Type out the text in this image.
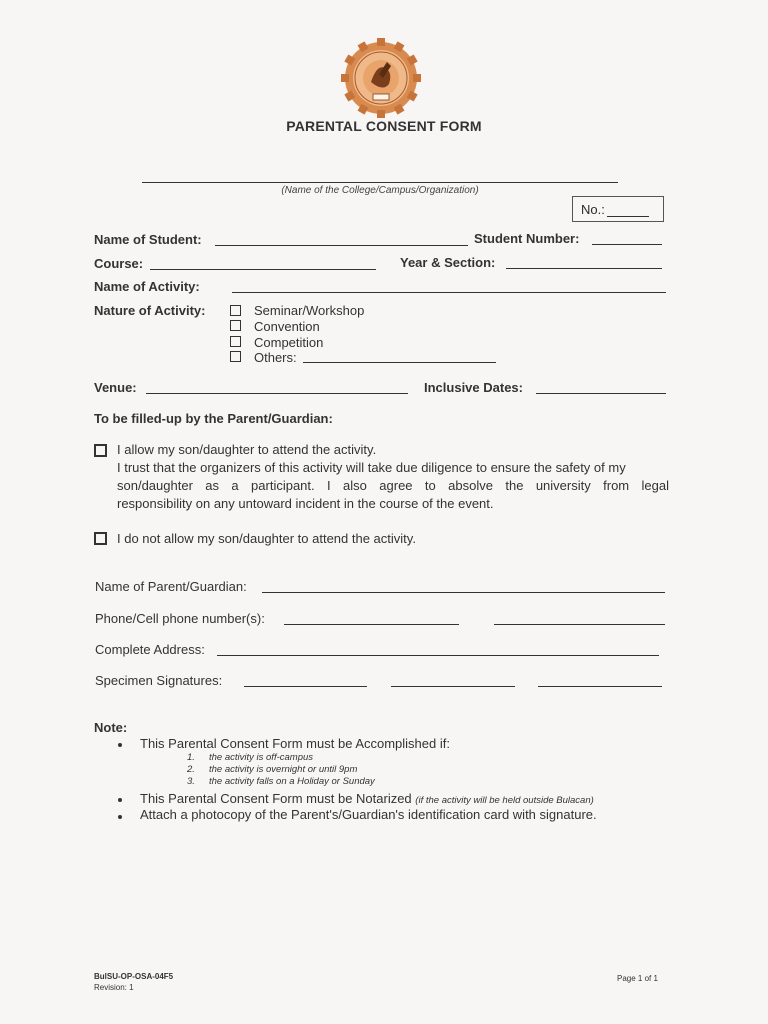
PARENTAL CONSENT FORM
(Name of the College/Campus/Organization)
No.:
Name of Student:	Student Number:
Course:	Year & Section:
Name of Activity:
Nature of Activity:	Seminar/Workshop
Convention
Competition
Others:
Venue:	Inclusive Dates:
To be filled-up by the Parent/Guardian:
I allow my son/daughter to attend the activity.
I trust that the organizers of this activity will take due diligence to ensure the safety of my
son/daughter as a participant. I also agree to absolve the university from legal
responsibility on any untoward incident in the course of the event.
I do not allow my son/daughter to attend the activity.
Name of Parent/Guardian:
Phone/Cell phone number(s):
Complete Address:
Specimen Signatures:
Note:
This Parental Consent Form must be Accomplished if:
1. the activity is off-campus
2. the activity is overnight or until 9pm
3. the activity falls on a Holiday or Sunday
This Parental Consent Form must be Notarized (if the activity will be held outside Bulacan)
Attach a photocopy of the Parent's/Guardian's identification card with signature.
BulSU-OP-OSA-04F5
Revision: 1
Page 1 of 1
